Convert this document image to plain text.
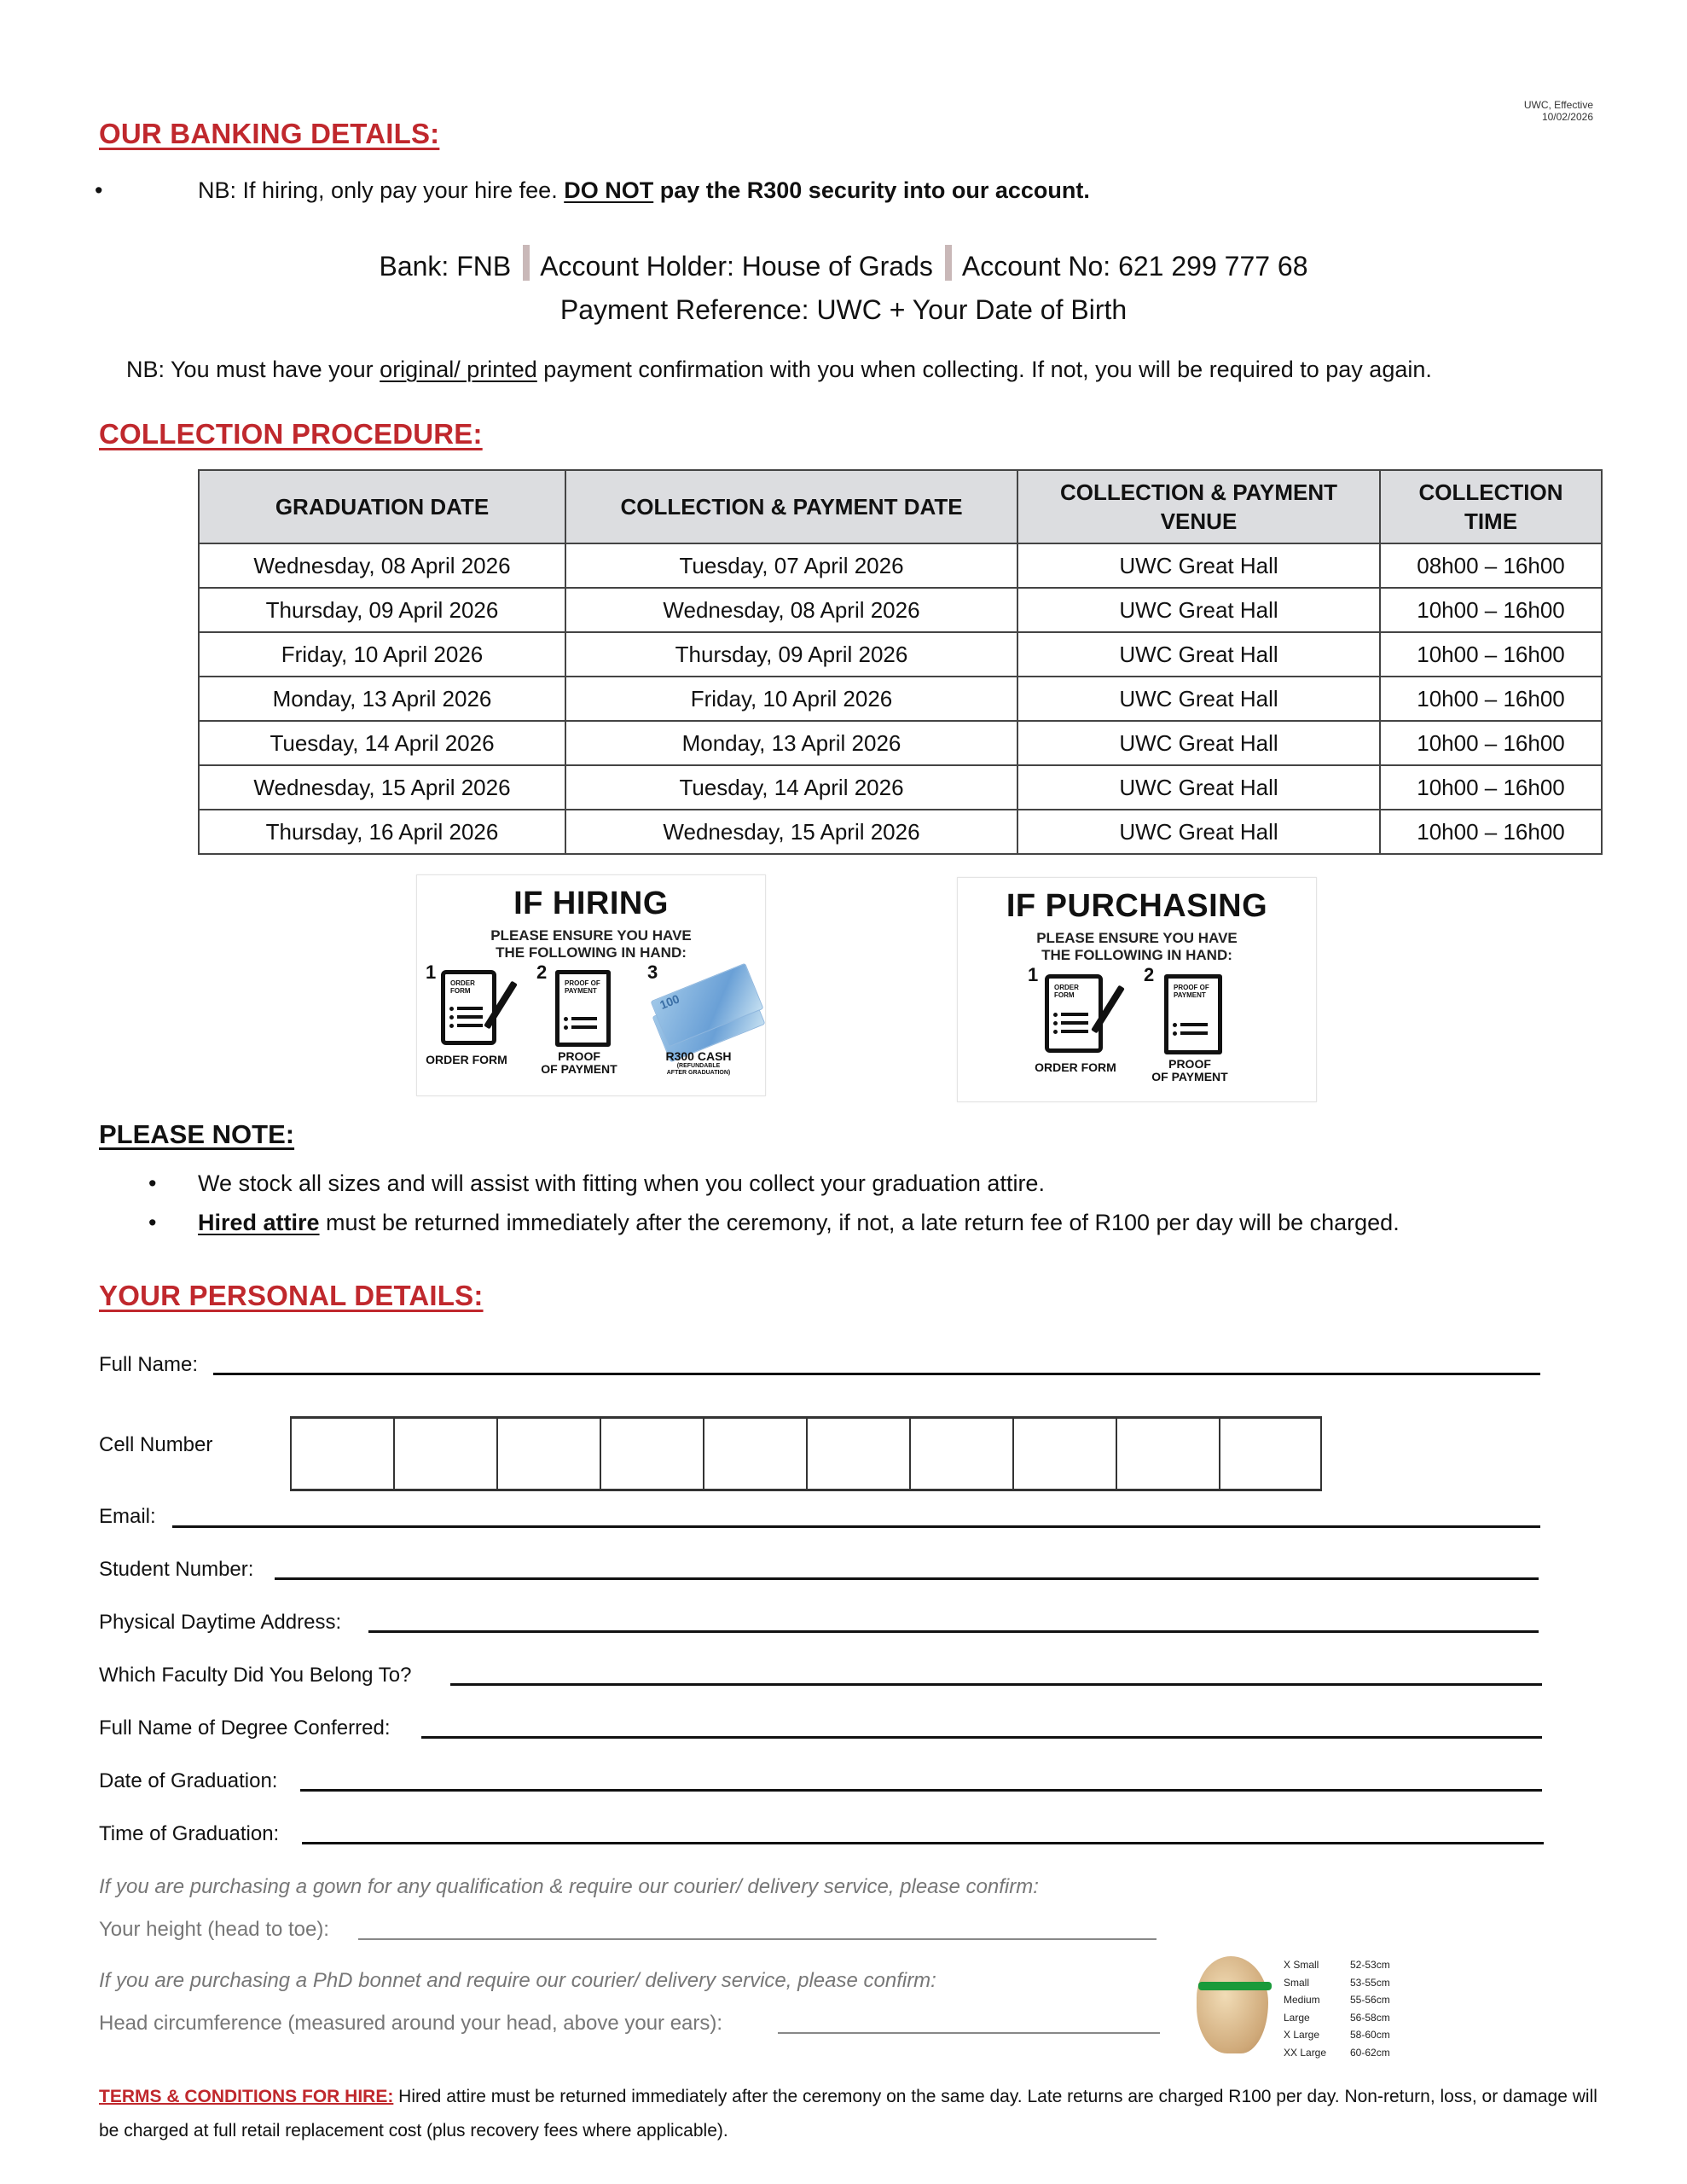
UWC, Effective
10/02/2026
OUR BANKING DETAILS:
•	NB: If hiring, only pay your hire fee. DO NOT pay the R300 security into our account.
Bank: FNB Account Holder: House of Grads Account No: 621 299 777 68
Payment Reference: UWC + Your Date of Birth
NB: You must have your original/ printed payment confirmation with you when collecting. If not, you will be required to pay again.
COLLECTION PROCEDURE:
GRADUATION DATE	COLLECTION & PAYMENT DATE	COLLECTION & PAYMENT VENUE	COLLECTION TIME
Wednesday, 08 April 2026	Tuesday, 07 April 2026	UWC Great Hall	08h00 – 16h00
Thursday, 09 April 2026	Wednesday, 08 April 2026	UWC Great Hall	10h00 – 16h00
Friday, 10 April 2026	Thursday, 09 April 2026	UWC Great Hall	10h00 – 16h00
Monday, 13 April 2026	Friday, 10 April 2026	UWC Great Hall	10h00 – 16h00
Tuesday, 14 April 2026	Monday, 13 April 2026	UWC Great Hall	10h00 – 16h00
Wednesday, 15 April 2026	Tuesday, 14 April 2026	UWC Great Hall	10h00 – 16h00
Thursday, 16 April 2026	Wednesday, 15 April 2026	UWC Great Hall	10h00 – 16h00
IF HIRING
PLEASE ENSURE YOU HAVE
THE FOLLOWING IN HAND:
1
ORDER FORM
ORDER FORM
2
PROOF OF PAYMENT
PROOF
OF PAYMENT
3
100
R300 CASH
(REFUNDABLE
AFTER GRADUATION)
IF PURCHASING
PLEASE ENSURE YOU HAVE
THE FOLLOWING IN HAND:
1
ORDER FORM
ORDER FORM
2
PROOF OF PAYMENT
PROOF
OF PAYMENT
PLEASE NOTE:
• We stock all sizes and will assist with fitting when you collect your graduation attire.
• Hired attire must be returned immediately after the ceremony, if not, a late return fee of R100 per day will be charged.
YOUR PERSONAL DETAILS:
Full Name:
Cell Number
Email:
Student Number:
Physical Daytime Address:
Which Faculty Did You Belong To?
Full Name of Degree Conferred:
Date of Graduation:
Time of Graduation:
If you are purchasing a gown for any qualification & require our courier/ delivery service, please confirm:
Your height (head to toe):
If you are purchasing a PhD bonnet and require our courier/ delivery service, please confirm:
Head circumference (measured around your head, above your ears):
X Small	52-53cm
Small	53-55cm
Medium	55-56cm
Large	56-58cm
X Large	58-60cm
XX Large 60-62cm
TERMS & CONDITIONS FOR HIRE: Hired attire must be returned immediately after the ceremony on the same day. Late returns are charged R100 per day. Non-return, loss, or damage will be charged at full retail replacement cost (plus recovery fees where applicable).
